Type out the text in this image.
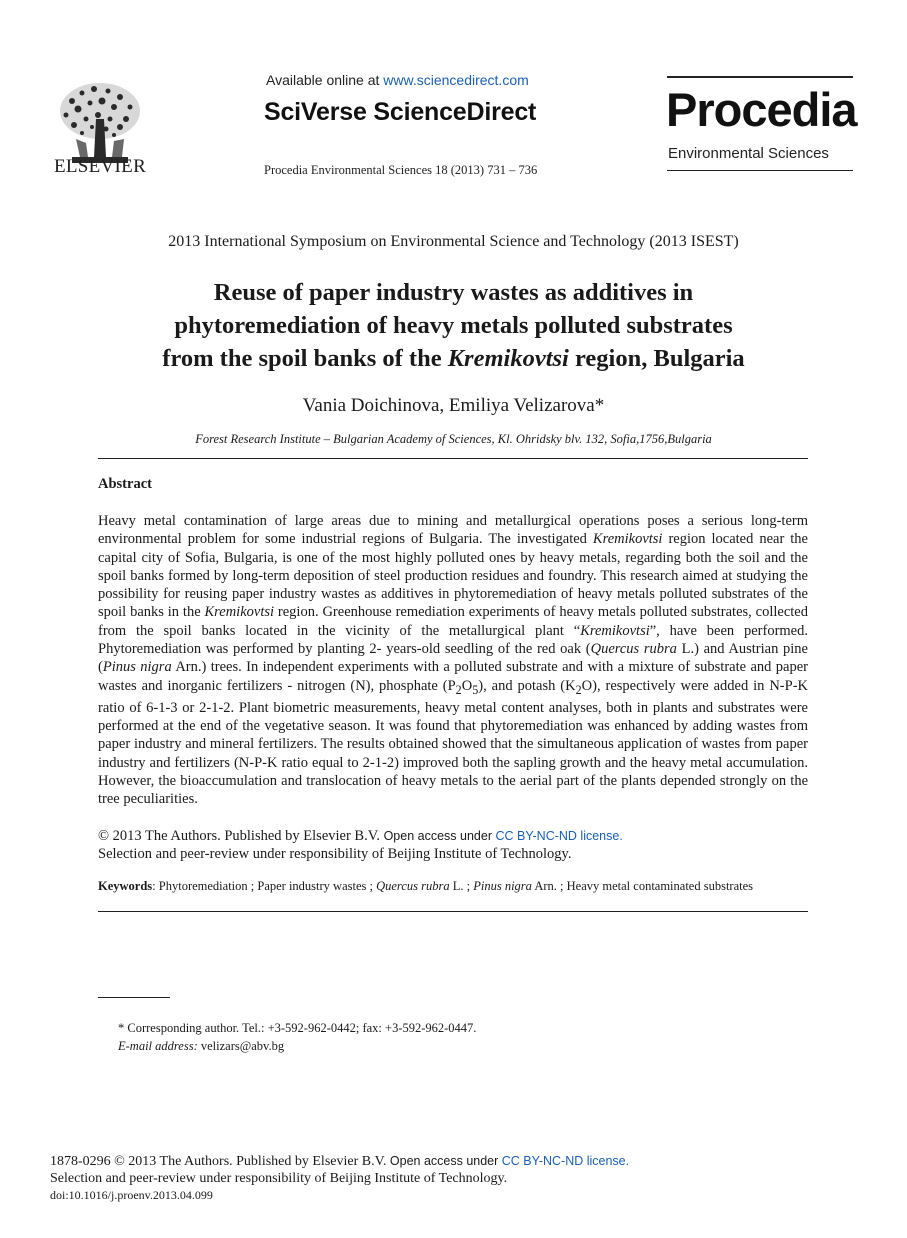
ELSEVIER
Available online at www.sciencedirect.com
SciVerse ScienceDirect
Procedia Environmental Sciences 18 (2013) 731 – 736
Procedia
Environmental Sciences
2013 International Symposium on Environmental Science and Technology (2013 ISEST)
Reuse of paper industry wastes as additives in
phytoremediation of heavy metals polluted substrates
from the spoil banks of the Kremikovtsi region, Bulgaria
Vania Doichinova, Emiliya Velizarova*
Forest Research Institute – Bulgarian Academy of Sciences, Kl. Ohridsky blv. 132, Sofia,1756,Bulgaria
Abstract
Heavy metal contamination of large areas due to mining and metallurgical operations poses a serious long-term environmental problem for some industrial regions of Bulgaria. The investigated Kremikovtsi region located near the capital city of Sofia, Bulgaria, is one of the most highly polluted ones by heavy metals, regarding both the soil and the spoil banks formed by long-term deposition of steel production residues and foundry. This research aimed at studying the possibility for reusing paper industry wastes as additives in phytoremediation of heavy metals polluted substrates of the spoil banks in the Kremikovtsi region. Greenhouse remediation experiments of heavy metals polluted substrates, collected from the spoil banks located in the vicinity of the metallurgical plant “Kremikovtsi”, have been performed. Phytoremediation was performed by planting 2- years-old seedling of the red oak (Quercus rubra L.) and Austrian pine (Pinus nigra Arn.) trees. In independent experiments with a polluted substrate and with a mixture of substrate and paper wastes and inorganic fertilizers - nitrogen (N), phosphate $(P_2O_5)$, and potash $(K_2O)$, respectively were added in N-P-K ratio of 6-1-3 or 2-1-2. Plant biometric measurements, heavy metal content analyses, both in plants and substrates were performed at the end of the vegetative season. It was found that phytoremediation was enhanced by adding wastes from paper industry and mineral fertilizers. The results obtained showed that the simultaneous application of wastes from paper industry and fertilizers (N-P-K ratio equal to 2-1-2) improved both the sapling growth and the heavy metal accumulation. However, the bioaccumulation and translocation of heavy metals to the aerial part of the plants depended strongly on the tree peculiarities.
© 2013 The Authors. Published by Elsevier B.V. Open access under CC BY-NC-ND license.
Selection and peer-review under responsibility of Beijing Institute of Technology.
Keywords: Phytoremediation ; Paper industry wastes ; Quercus rubra L. ; Pinus nigra Arn. ; Heavy metal contaminated substrates
* Corresponding author. Tel.: +3-592-962-0442; fax: +3-592-962-0447.
E-mail address: velizars@abv.bg
1878-0296 © 2013 The Authors. Published by Elsevier B.V. Open access under CC BY-NC-ND license.
Selection and peer-review under responsibility of Beijing Institute of Technology.
doi:10.1016/j.proenv.2013.04.099
